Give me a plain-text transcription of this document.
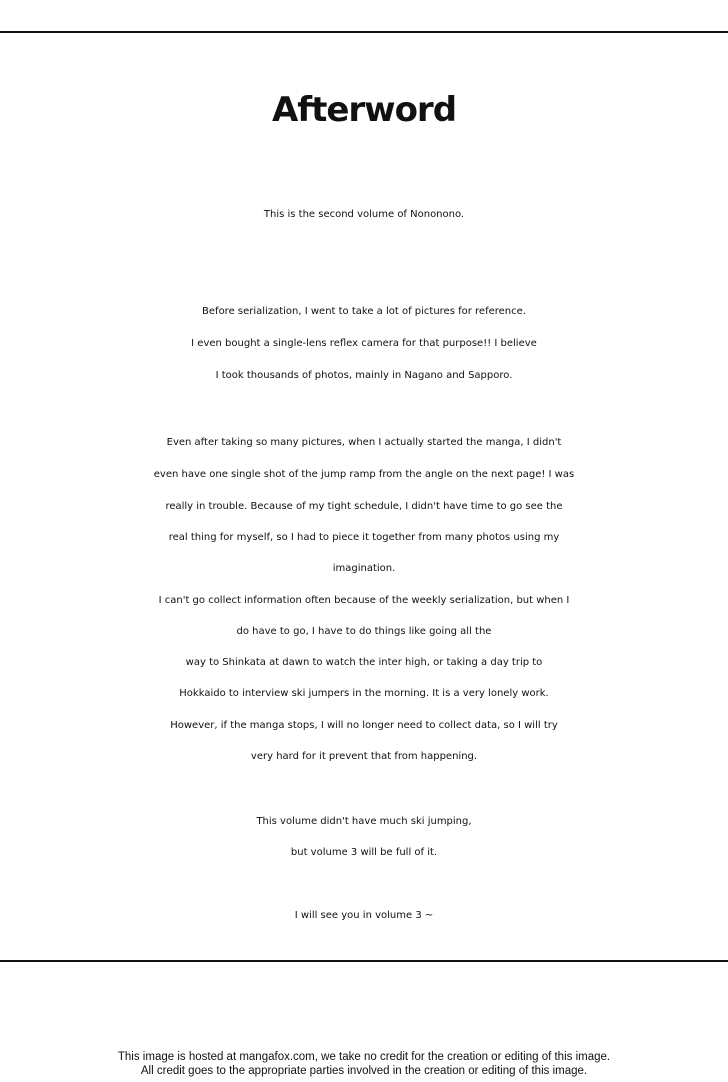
Afterword
This is the second volume of Nononono.
Before serialization, I went to take a lot of pictures for reference.
I even bought a single-lens reflex camera for that purpose!! I believe
I took thousands of photos, mainly in Nagano and Sapporo.
Even after taking so many pictures, when I actually started the manga, I didn't
even have one single shot of the jump ramp from the angle on the next page! I was
really in trouble. Because of my tight schedule, I didn't have time to go see the
real thing for myself, so I had to piece it together from many photos using my
imagination.
I can't go collect information often because of the weekly serialization, but when I
do have to go, I have to do things like going all the
way to Shinkata at dawn to watch the inter high, or taking a day trip to
Hokkaido to interview ski jumpers in the morning. It is a very lonely work.
However, if the manga stops, I will no longer need to collect data, so I will try
very hard for it prevent that from happening.
This volume didn't have much ski jumping,
but volume 3 will be full of it.
I will see you in volume 3 ~
This image is hosted at mangafox.com, we take no credit for the creation or editing of this image.
All credit goes to the appropriate parties involved in the creation or editing of this image.
